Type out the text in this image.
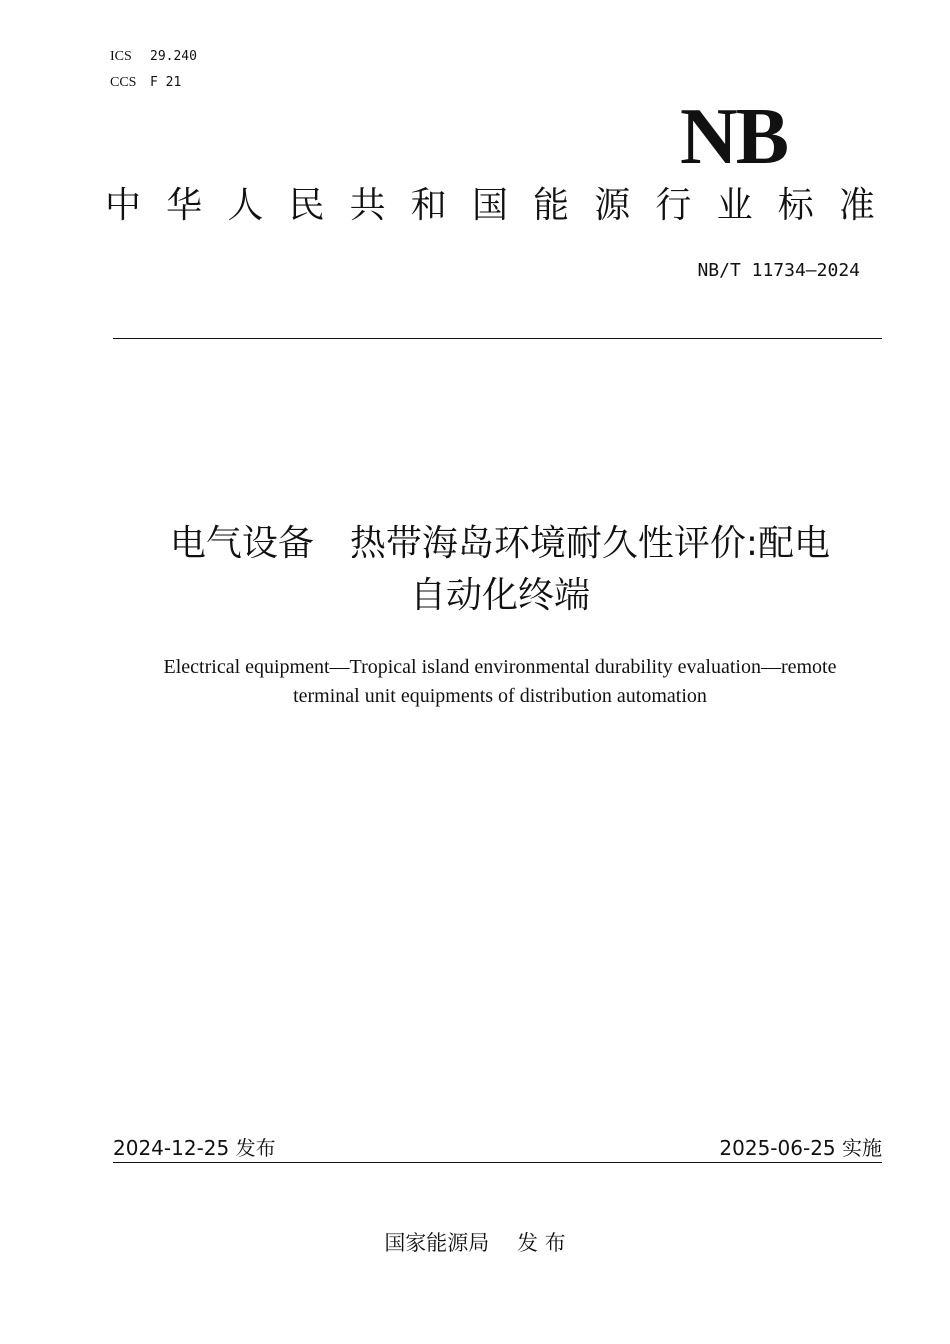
ICS	29.240
CCS F 21
NB
中 华 人 民 共 和 国 能 源 行 业 标 准
NB/T 11734—2024
电气设备　热带海岛环境耐久性评价:配电
自动化终端
Electrical equipment—Tropical island environmental durability evaluation—remote
terminal unit equipments of distribution automation
2024-12-25 发布	2025-06-25 实施
国家能源局　 发 布
